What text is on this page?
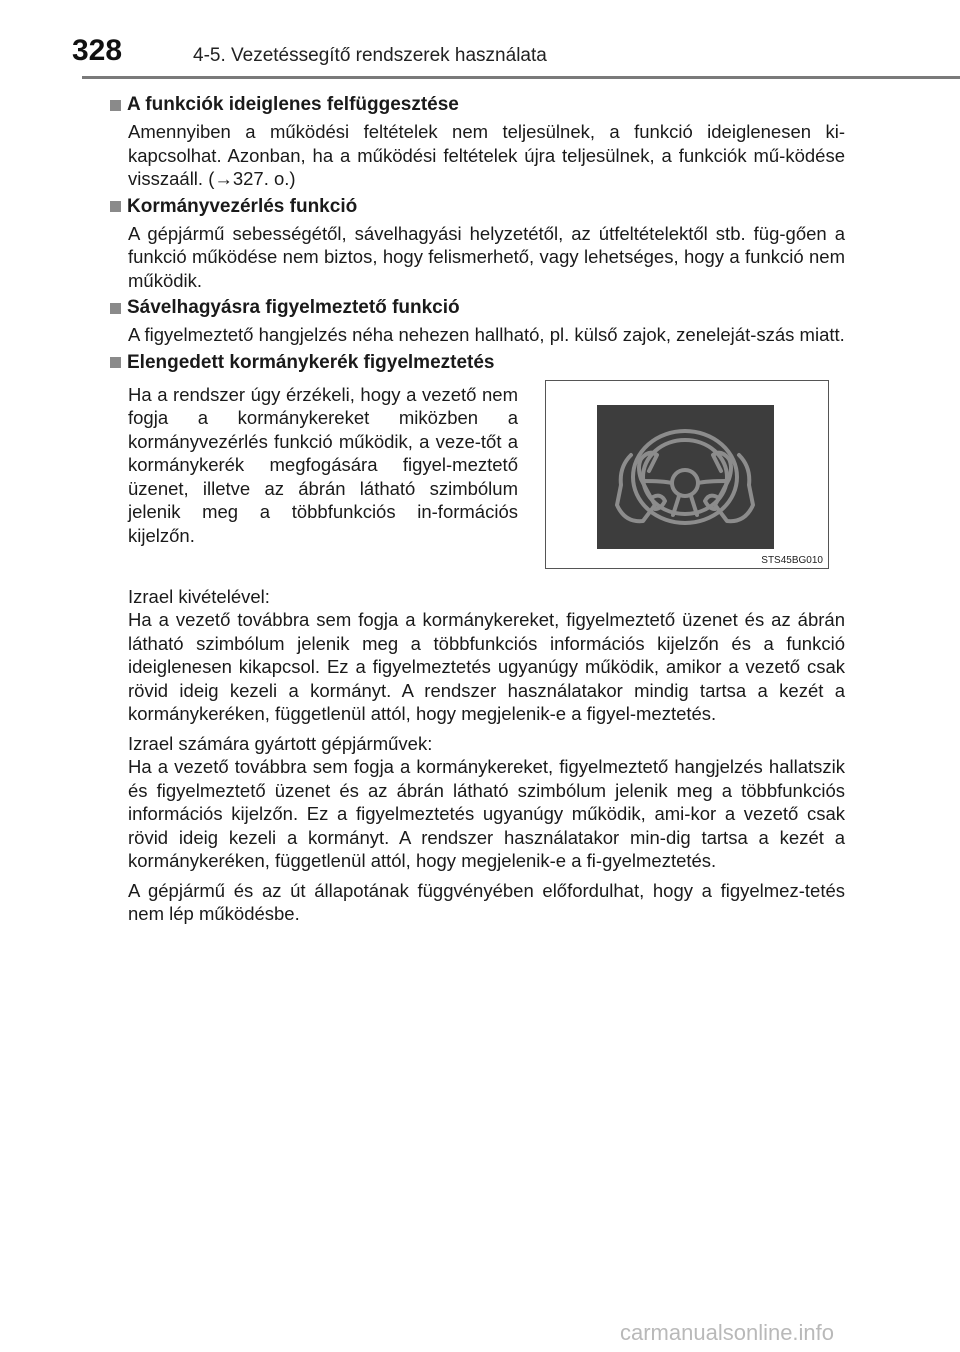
328	4-5. Vezetéssegítő rendszerek használata
A funkciók ideiglenes felfüggesztése

Amennyiben a működési feltételek nem teljesülnek, a funkció ideiglenesen ki-kapcsolhat. Azonban, ha a működési feltételek újra teljesülnek, a funkciók mű-ködése visszaáll. (→327. o.)

Kormányvezérlés funkció

A gépjármű sebességétől, sávelhagyási helyzetétől, az útfeltételektől stb. füg-gően a funkció működése nem biztos, hogy felismerhető, vagy lehetséges, hogy a funkció nem működik.

Sávelhagyásra figyelmeztető funkció

A figyelmeztető hangjelzés néha nehezen hallható, pl. külső zajok, zeneleját-szás miatt.

Elengedett kormánykerék figyelmeztetés
Ha a rendszer úgy érzékeli, hogy a vezető nem fogja a kormánykereket miközben a kormányvezérlés funkció működik, a veze-tőt a kormánykerék megfogására figyel-meztető üzenet, illetve az ábrán látható szimbólum jelenik meg a többfunkciós in-formációs kijelzőn.
STS45BG010

Izrael kivételével:

Ha a vezető továbbra sem fogja a kormánykereket, figyelmeztető üzenet és az ábrán látható szimbólum jelenik meg a többfunkciós információs kijelzőn és a funkció ideiglenesen kikapcsol. Ez a figyelmeztetés ugyanúgy működik, amikor a vezető csak rövid ideig kezeli a kormányt. A rendszer használatakor mindig tartsa a kezét a kormánykeréken, függetlenül attól, hogy megjelenik-e a figyel-meztetés.

Izrael számára gyártott gépjárművek:

Ha a vezető továbbra sem fogja a kormánykereket, figyelmeztető hangjelzés hallatszik és figyelmeztető üzenet és az ábrán látható szimbólum jelenik meg a többfunkciós információs kijelzőn. Ez a figyelmeztetés ugyanúgy működik, ami-kor a vezető csak rövid ideig kezeli a kormányt. A rendszer használatakor min-dig tartsa a kezét a kormánykeréken, függetlenül attól, hogy megjelenik-e a fi-gyelmeztetés.

A gépjármű és az út állapotának függvényében előfordulhat, hogy a figyelmez-tetés nem lép működésbe.

carmanualsonline.info
